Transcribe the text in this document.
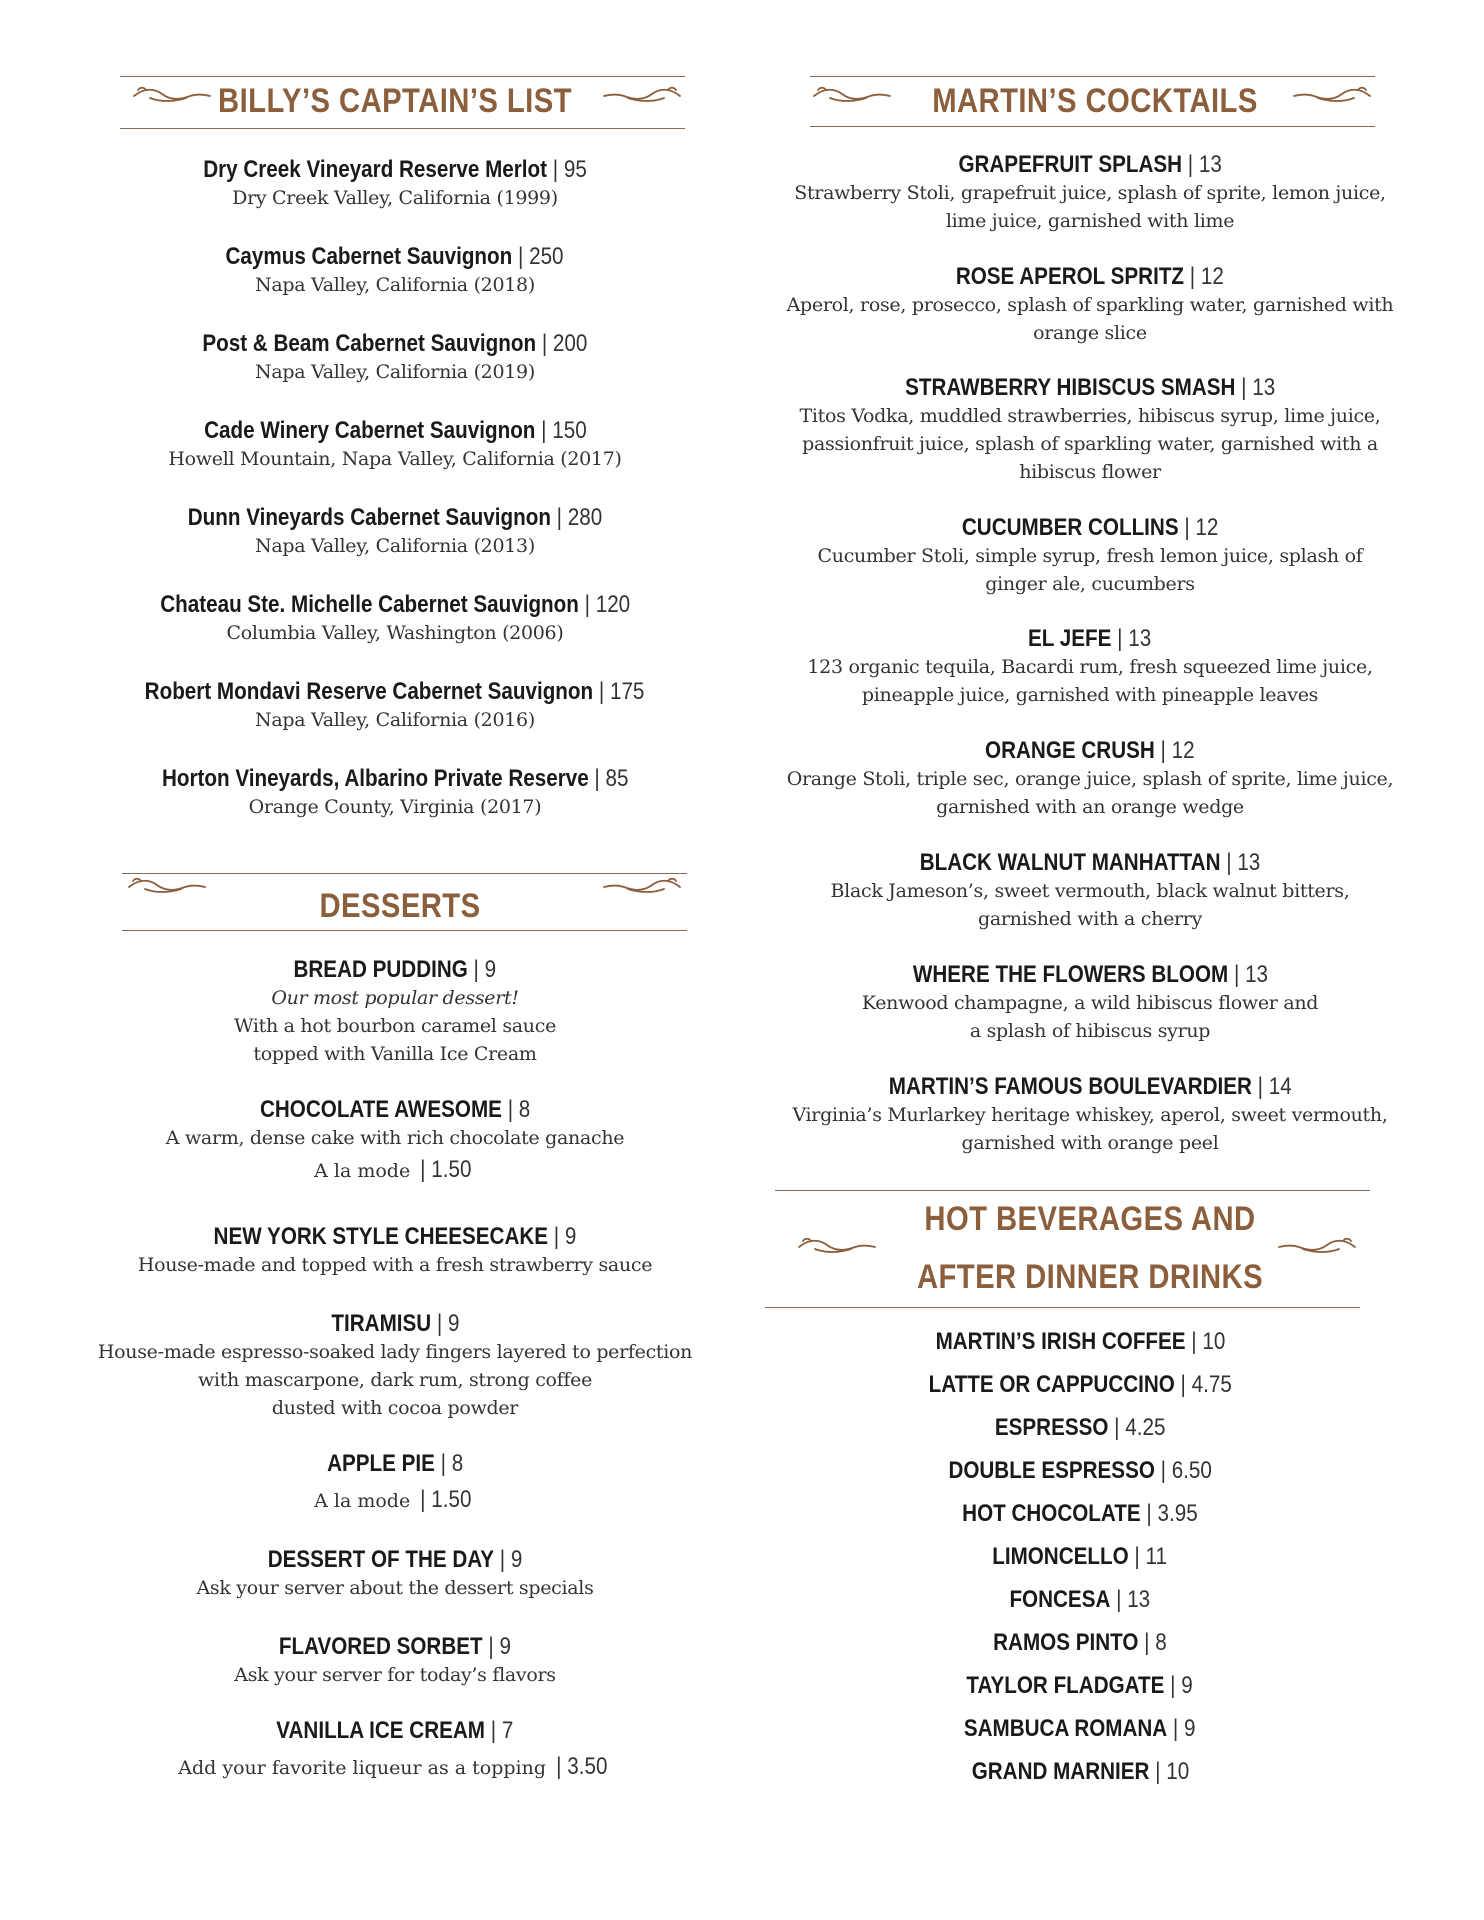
BILLY’S CAPTAIN’S LIST
Dry Creek Vineyard Reserve Merlot | 95
Dry Creek Valley, California (1999)
Caymus Cabernet Sauvignon | 250
Napa Valley, California (2018)
Post & Beam Cabernet Sauvignon | 200
Napa Valley, California (2019)
Cade Winery Cabernet Sauvignon | 150
Howell Mountain, Napa Valley, California (2017)
Dunn Vineyards Cabernet Sauvignon | 280
Napa Valley, California (2013)
Chateau Ste. Michelle Cabernet Sauvignon | 120
Columbia Valley, Washington (2006)
Robert Mondavi Reserve Cabernet Sauvignon | 175
Napa Valley, California (2016)
Horton Vineyards, Albarino Private Reserve | 85
Orange County, Virginia (2017)
DESSERTS
BREAD PUDDING | 9
Our most popular dessert!
With a hot bourbon caramel sauce
topped with Vanilla Ice Cream
CHOCOLATE AWESOME | 8
A warm, dense cake with rich chocolate ganache
A la mode | 1.50
NEW YORK STYLE CHEESECAKE | 9
House-made and topped with a fresh strawberry sauce
TIRAMISU | 9
House-made espresso-soaked lady fingers layered to perfection
with mascarpone, dark rum, strong coffee
dusted with cocoa powder
APPLE PIE | 8
A la mode | 1.50
DESSERT OF THE DAY | 9
Ask your server about the dessert specials
FLAVORED SORBET | 9
Ask your server for today’s flavors
VANILLA ICE CREAM | 7
Add your favorite liqueur as a topping | 3.50
MARTIN’S COCKTAILS
GRAPEFRUIT SPLASH | 13
Strawberry Stoli, grapefruit juice, splash of sprite, lemon juice,
lime juice, garnished with lime
ROSE APEROL SPRITZ | 12
Aperol, rose, prosecco, splash of sparkling water, garnished with
orange slice
STRAWBERRY HIBISCUS SMASH | 13
Titos Vodka, muddled strawberries, hibiscus syrup, lime juice,
passionfruit juice, splash of sparkling water, garnished with a
hibiscus flower
CUCUMBER COLLINS | 12
Cucumber Stoli, simple syrup, fresh lemon juice, splash of
ginger ale, cucumbers
EL JEFE | 13
123 organic tequila, Bacardi rum, fresh squeezed lime juice,
pineapple juice, garnished with pineapple leaves
ORANGE CRUSH | 12
Orange Stoli, triple sec, orange juice, splash of sprite, lime juice,
garnished with an orange wedge
BLACK WALNUT MANHATTAN | 13
Black Jameson’s, sweet vermouth, black walnut bitters,
garnished with a cherry
WHERE THE FLOWERS BLOOM | 13
Kenwood champagne, a wild hibiscus flower and
a splash of hibiscus syrup
MARTIN’S FAMOUS BOULEVARDIER | 14
Virginia’s Murlarkey heritage whiskey, aperol, sweet vermouth,
garnished with orange peel
HOT BEVERAGES AND
AFTER DINNER DRINKS
MARTIN’S IRISH COFFEE | 10
LATTE OR CAPPUCCINO | 4.75
ESPRESSO | 4.25
DOUBLE ESPRESSO | 6.50
HOT CHOCOLATE | 3.95
LIMONCELLO | 11
FONCESA | 13
RAMOS PINTO | 8
TAYLOR FLADGATE | 9
SAMBUCA ROMANA | 9
GRAND MARNIER | 10
